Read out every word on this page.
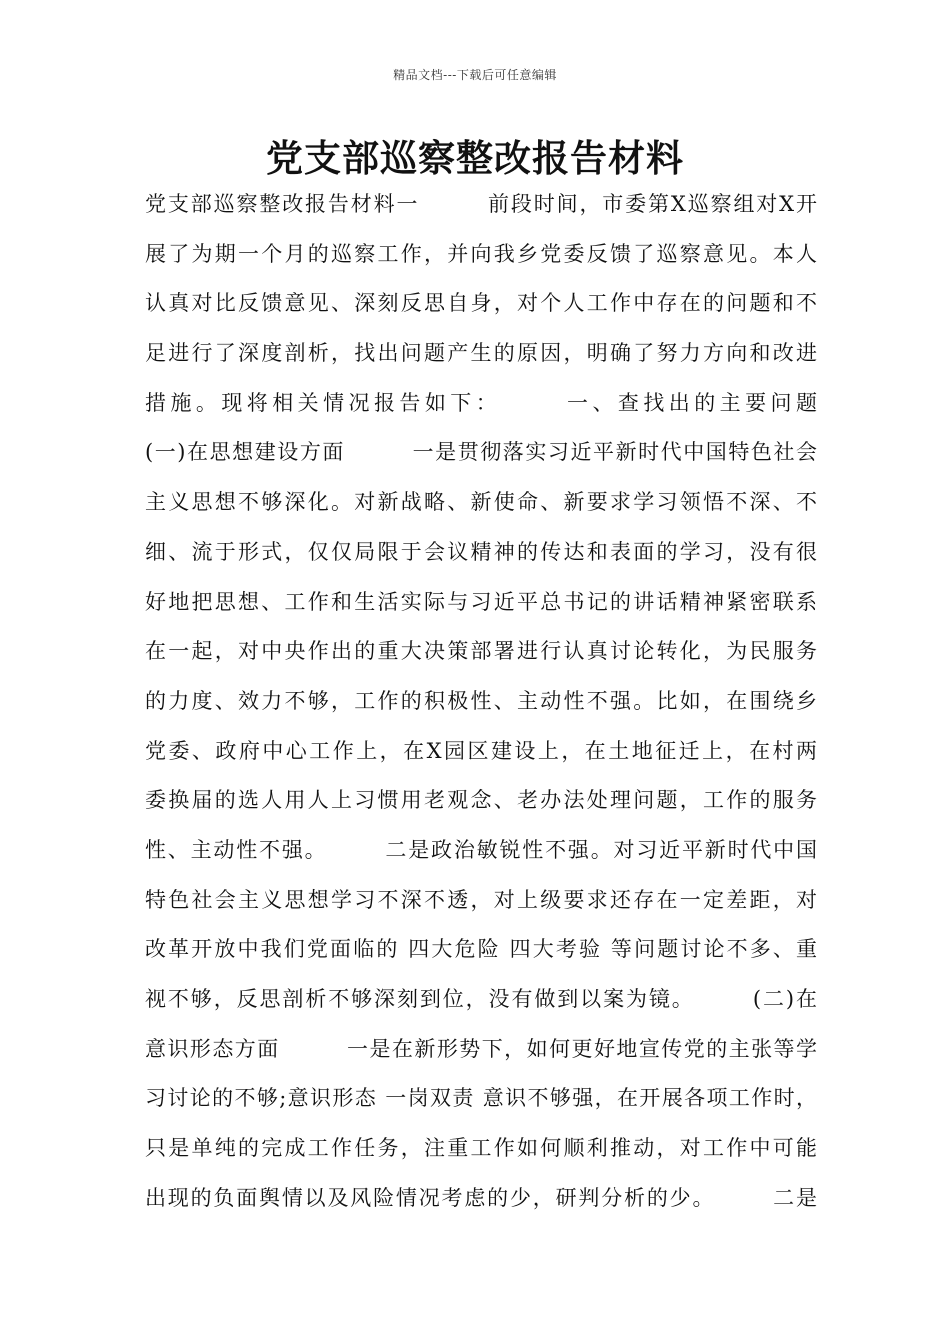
精品文档---下载后可任意编辑
党支部巡察整改报告材料
党支部巡察整改报告材料一　　　前段时间，市委第X巡察组对X开
展了为期一个月的巡察工作，并向我乡党委反馈了巡察意见。本人
认真对比反馈意见、深刻反思自身，对个人工作中存在的问题和不
足进行了深度剖析，找出问题产生的原因，明确了努力方向和改进
措施。现将相关情况报告如下：　　　一、查找出的主要问题
(一)在思想建设方面　　　一是贯彻落实习近平新时代中国特色社会
主义思想不够深化。对新战略、新使命、新要求学习领悟不深、不
细、流于形式，仅仅局限于会议精神的传达和表面的学习，没有很
好地把思想、工作和生活实际与习近平总书记的讲话精神紧密联系
在一起，对中央作出的重大决策部署进行认真讨论转化，为民服务
的力度、效力不够，工作的积极性、主动性不强。比如，在围绕乡
党委、政府中心工作上，在X园区建设上，在土地征迁上，在村两
委换届的选人用人上习惯用老观念、老办法处理问题，工作的服务
性、主动性不强。　　　二是政治敏锐性不强。对习近平新时代中国
特色社会主义思想学习不深不透，对上级要求还存在一定差距，对
改革开放中我们党面临的 四大危险 四大考验 等问题讨论不多、重
视不够，反思剖析不够深刻到位，没有做到以案为镜。　　　(二)在
意识形态方面　　　一是在新形势下，如何更好地宣传党的主张等学
习讨论的不够;意识形态 一岗双责 意识不够强，在开展各项工作时，
只是单纯的完成工作任务，注重工作如何顺利推动，对工作中可能
出现的负面舆情以及风险情况考虑的少，研判分析的少。　　　二是
